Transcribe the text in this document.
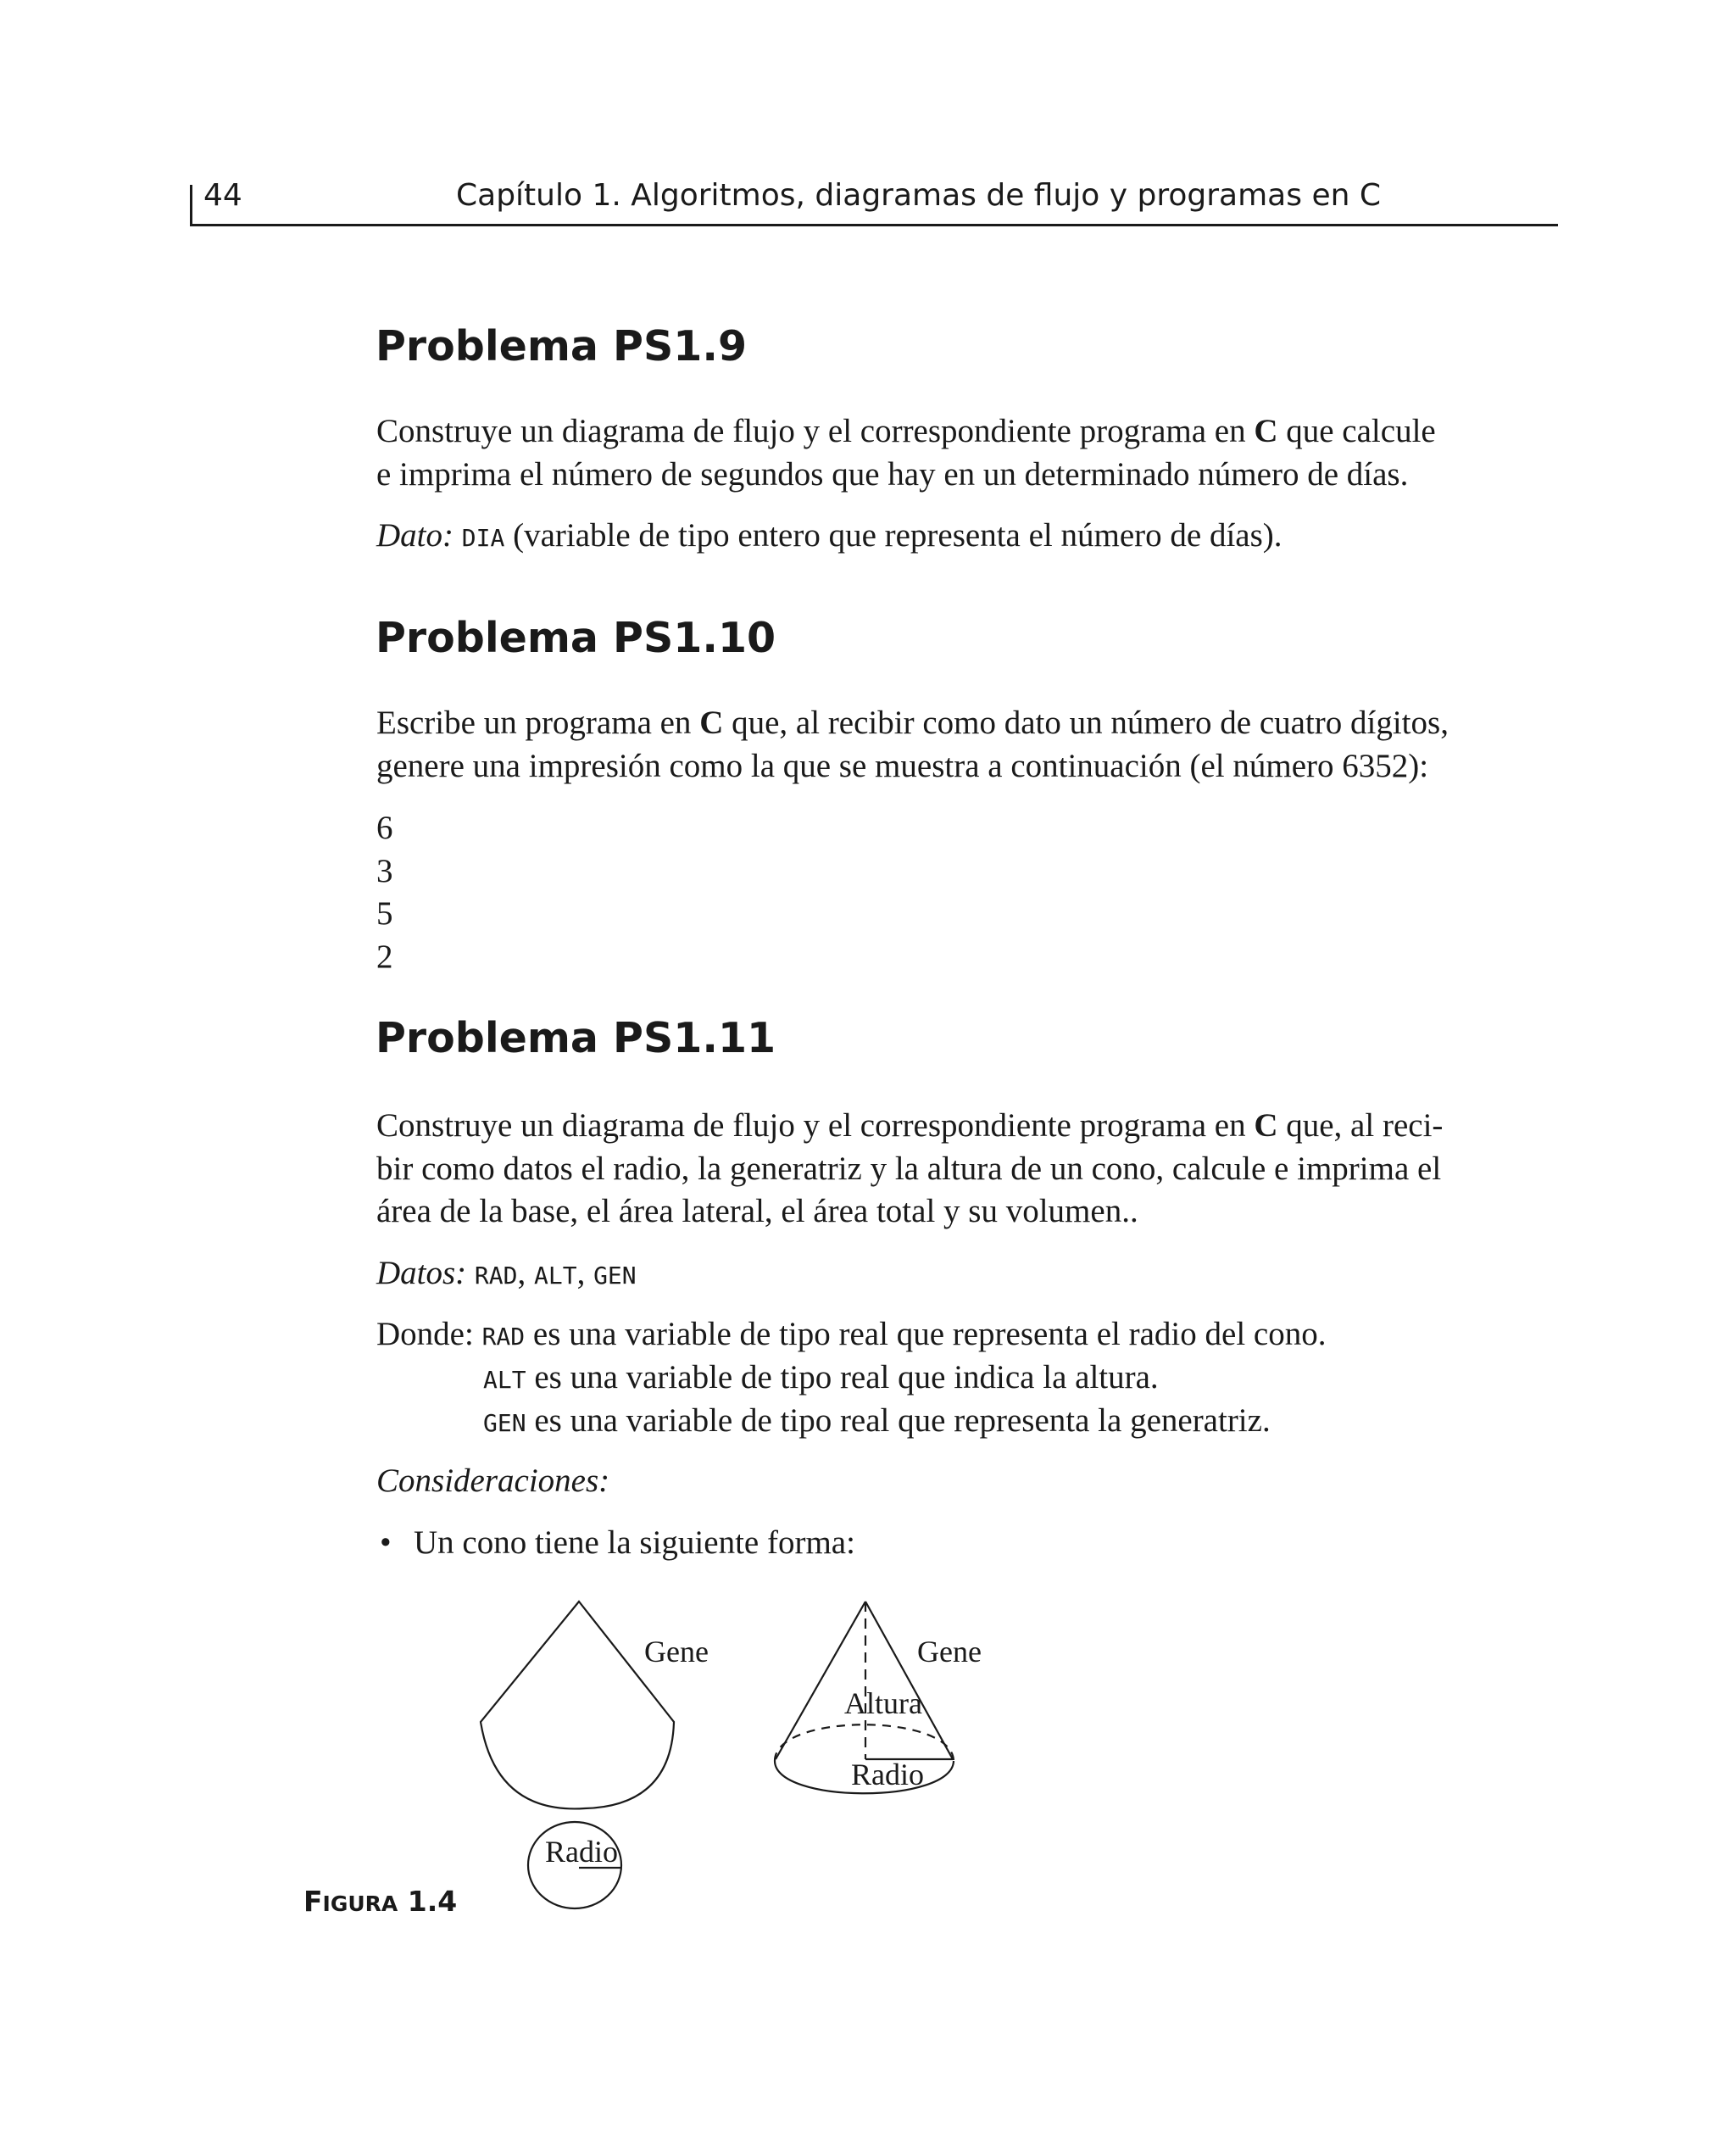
44	Capítulo 1. Algoritmos, diagramas de flujo y programas en C
Problema PS1.9
Construye un diagrama de flujo y el correspondiente programa en C que calcule
e imprima el número de segundos que hay en un determinado número de días.
Dato: DIA (variable de tipo entero que representa el número de días).
Problema PS1.10
Escribe un programa en C que, al recibir como dato un número de cuatro dígitos,
genere una impresión como la que se muestra a continuación (el número 6352):
6
3
5
2
Problema PS1.11
Construye un diagrama de flujo y el correspondiente programa en C que, al reci-
bir como datos el radio, la generatriz y la altura de un cono, calcule e imprima el
área de la base, el área lateral, el área total y su volumen..
Datos: RAD, ALT, GEN
Donde: RAD es una variable de tipo real que representa el radio del cono.
ALT es una variable de tipo real que indica la altura.
GEN es una variable de tipo real que representa la generatriz.
Consideraciones:
• Un cono tiene la siguiente forma:
Gene
Radio
Gene
Altura
Radio
FIGURA 1.4
